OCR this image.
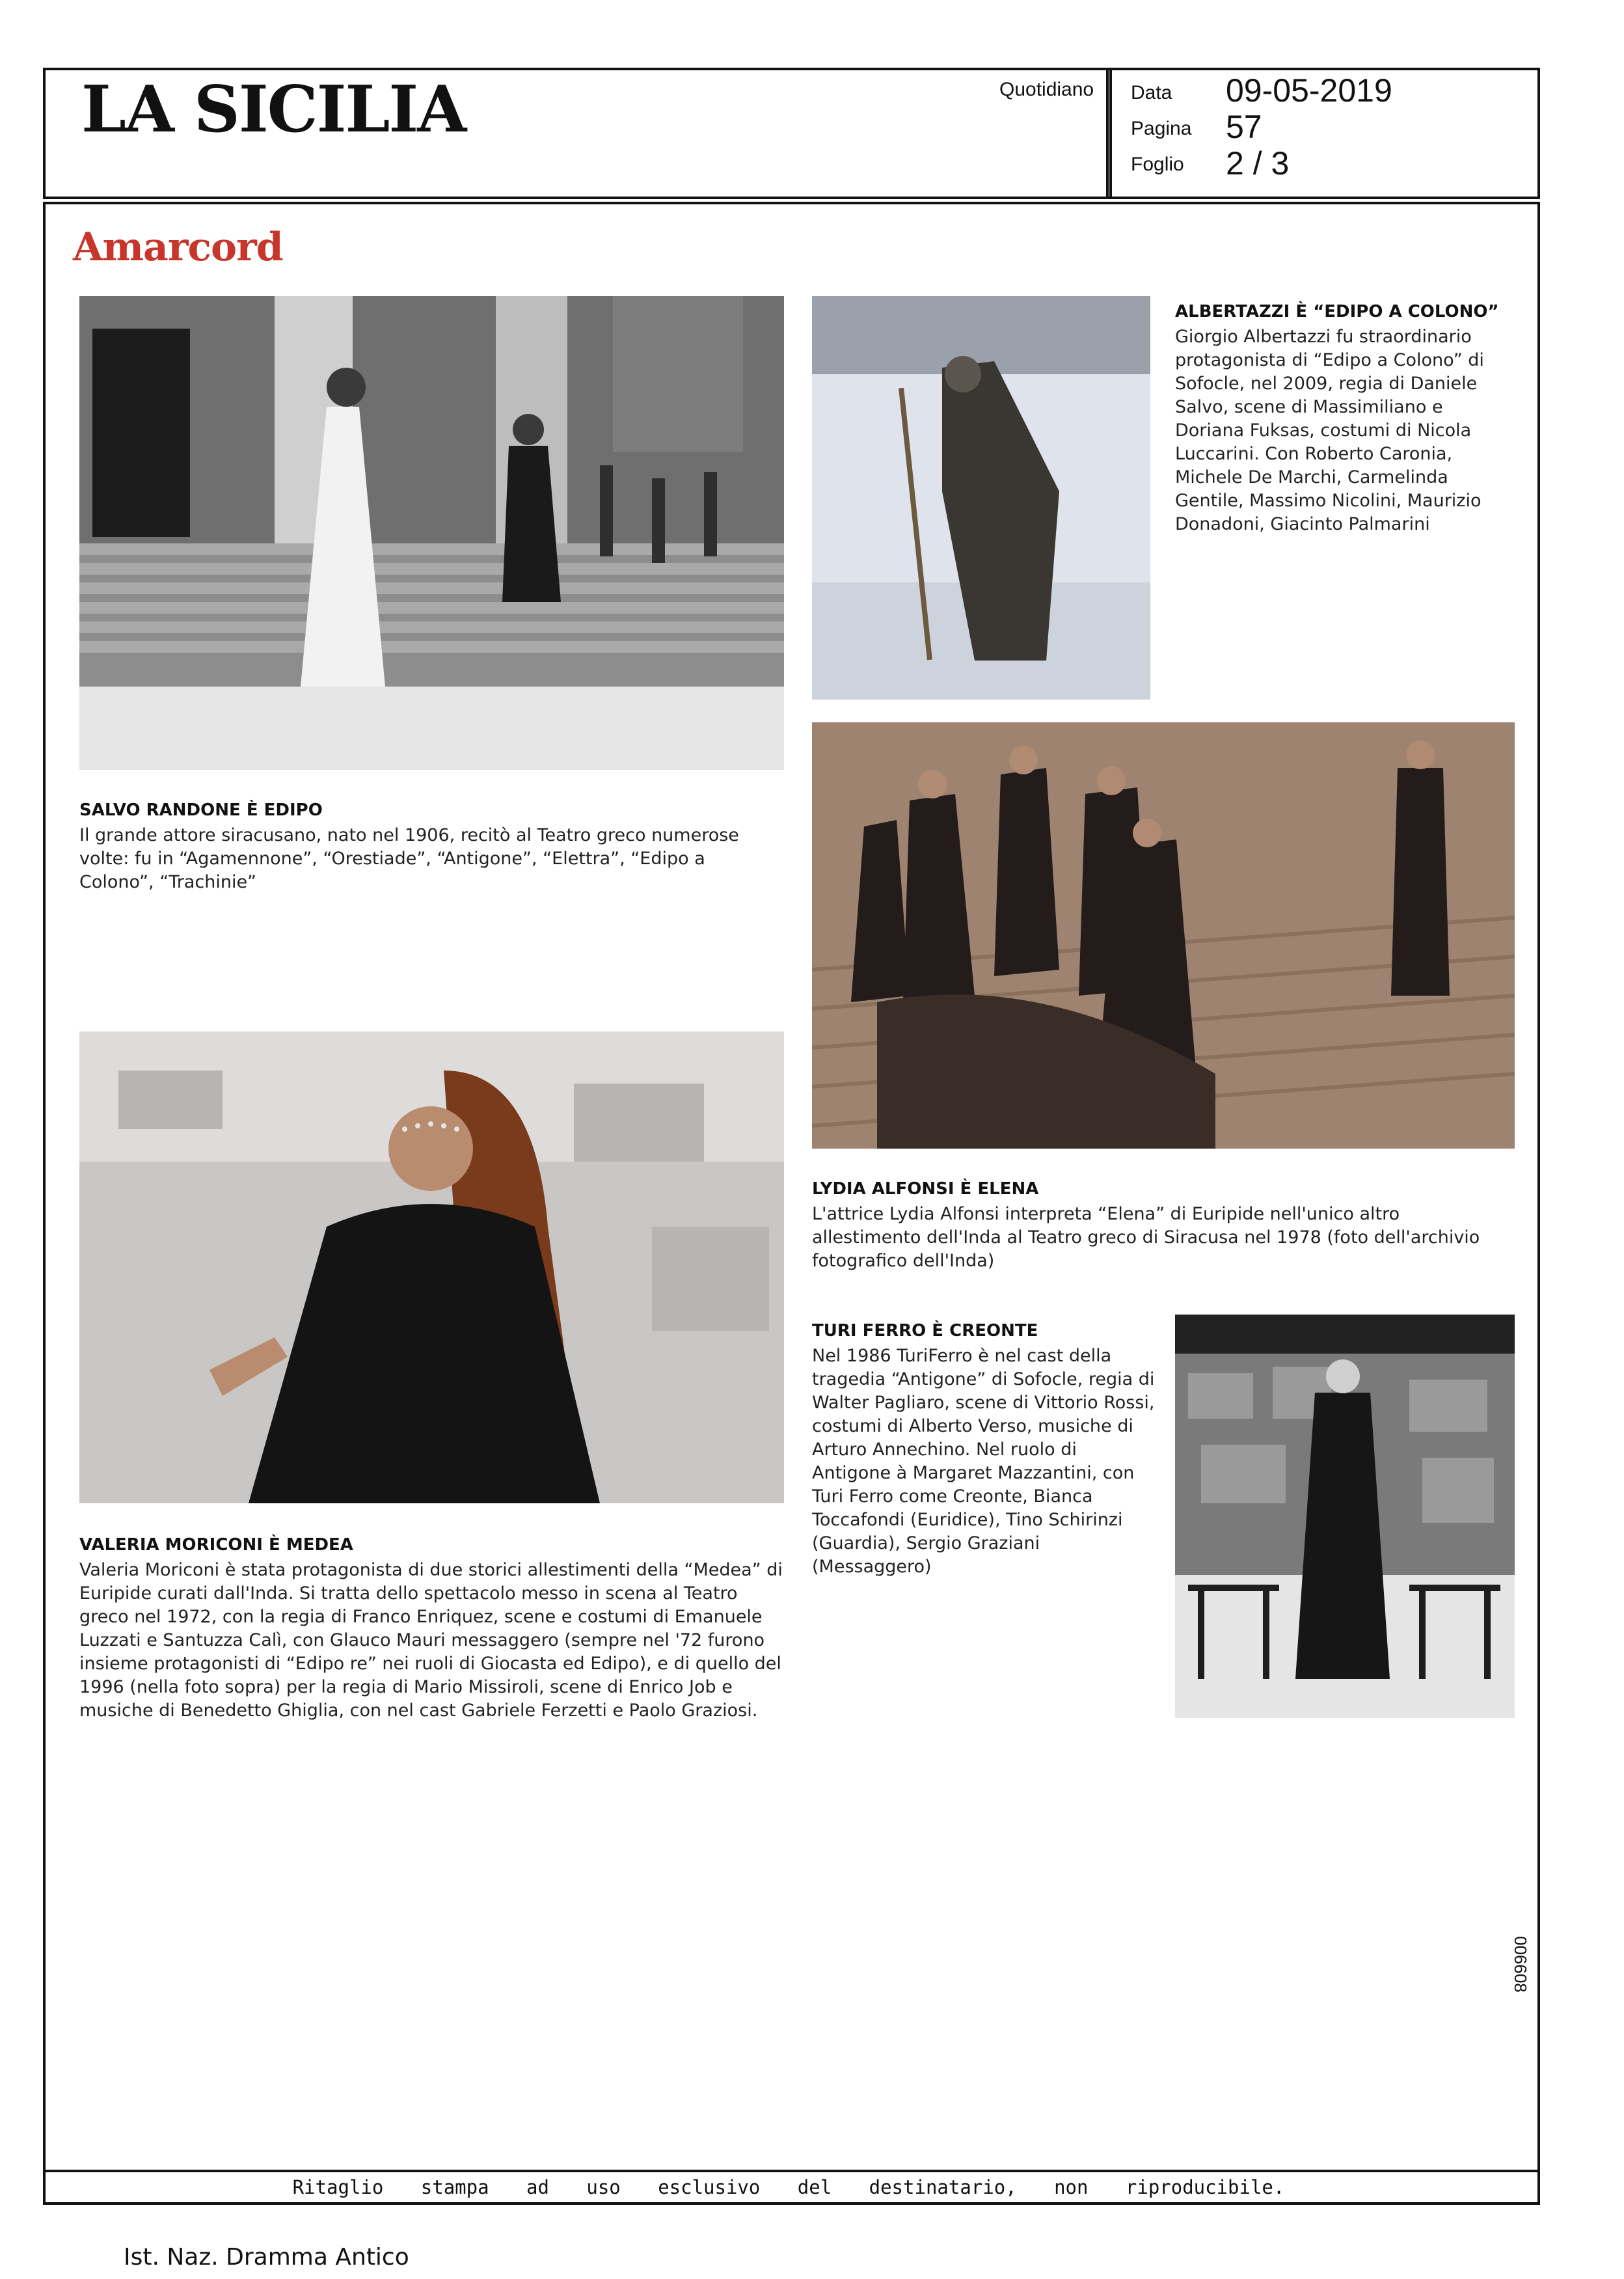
LA SICILIA	Quotidiano Data 09-05-2019
Pagina 57
Foglio 2 / 3
Amarcord

SALVO RANDONE È EDIPO

Il grande attore siracusano, nato nel 1906, recitò al Teatro greco numerose volte: fu in “Agamennone”, “Orestiade”, “Antigone”, “Elettra”, “Edipo a Colono”, “Trachinie”

ALBERTAZZI È “EDIPO A COLONO”

Giorgio Albertazzi fu straordinario protagonista di “Edipo a Colono” di Sofocle, nel 2009, regia di Daniele Salvo, scene di Massimiliano e Doriana Fuksas, costumi di Nicola Luccarini. Con Roberto Caronia, Michele De Marchi, Carmelinda Gentile, Massimo Nicolini, Maurizio Donadoni, Giacinto Palmarini

LYDIA ALFONSI È ELENA

L'attrice Lydia Alfonsi interpreta “Elena” di Euripide nell'unico altro allestimento dell'Inda al Teatro greco di Siracusa nel 1978 (foto dell'archivio fotografico dell'Inda)

TURI FERRO È CREONTE

Nel 1986 TuriFerro è nel cast della tragedia “Antigone” di Sofocle, regia di Walter Pagliaro, scene di Vittorio Rossi, costumi di Alberto Verso, musiche di Arturo Annechino. Nel ruolo di Antigone à Margaret Mazzantini, con Turi Ferro come Creonte, Bianca Toccafondi (Euridice), Tino Schirinzi (Guardia), Sergio Graziani (Messaggero)

VALERIA MORICONI È MEDEA

Valeria Moriconi è stata protagonista di due storici allestimenti della “Medea” di Euripide curati dall'Inda. Si tratta dello spettacolo messo in scena al Teatro greco nel 1972, con la regia di Franco Enriquez, scene e costumi di Emanuele Luzzati e Santuzza Calì, con Glauco Mauri messaggero (sempre nel '72 furono insieme protagonisti di “Edipo re” nei ruoli di Giocasta ed Edipo), e di quello del 1996 (nella foto sopra) per la regia di Mario Missiroli, scene di Enrico Job e musiche di Benedetto Ghiglia, con nel cast Gabriele Ferzetti e Paolo Graziosi.

Ritaglio stampa ad uso esclusivo del destinatario, non riproducibile.
006608
Ist. Naz. Dramma Antico
